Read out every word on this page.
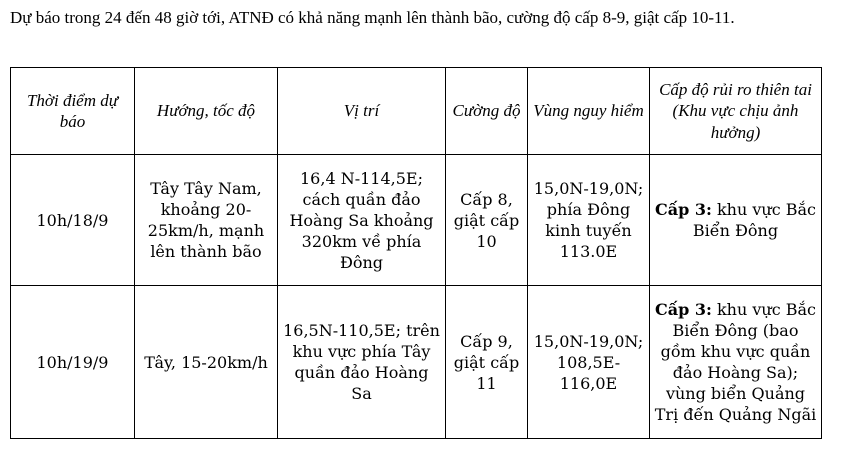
Dự báo trong 24 đến 48 giờ tới, ATNĐ có khả năng mạnh lên thành bão, cường độ cấp 8-9, giật cấp 10-11.
Thời điểm dự báo	Hướng, tốc độ	Vị trí	Cường độ	Vùng nguy hiểm	Cấp độ rủi ro thiên tai (Khu vực chịu ảnh hưởng)
10h/18/9	Tây Tây Nam, khoảng 20-25km/h, mạnh lên thành bão	16,4 N-114,5E; cách quần đảo Hoàng Sa khoảng 320km về phía Đông	Cấp 8, giật cấp 10	15,0N-19,0N; phía Đông kinh tuyến 113.0E	Cấp 3: khu vực Bắc Biển Đông
10h/19/9	Tây, 15-20km/h	16,5N-110,5E; trên khu vực phía Tây quần đảo Hoàng Sa	Cấp 9, giật cấp 11	15,0N-19,0N; 108,5E-116,0E	Cấp 3: khu vực Bắc Biển Đông (bao gồm khu vực quần đảo Hoàng Sa); vùng biển Quảng Trị đến Quảng Ngãi
